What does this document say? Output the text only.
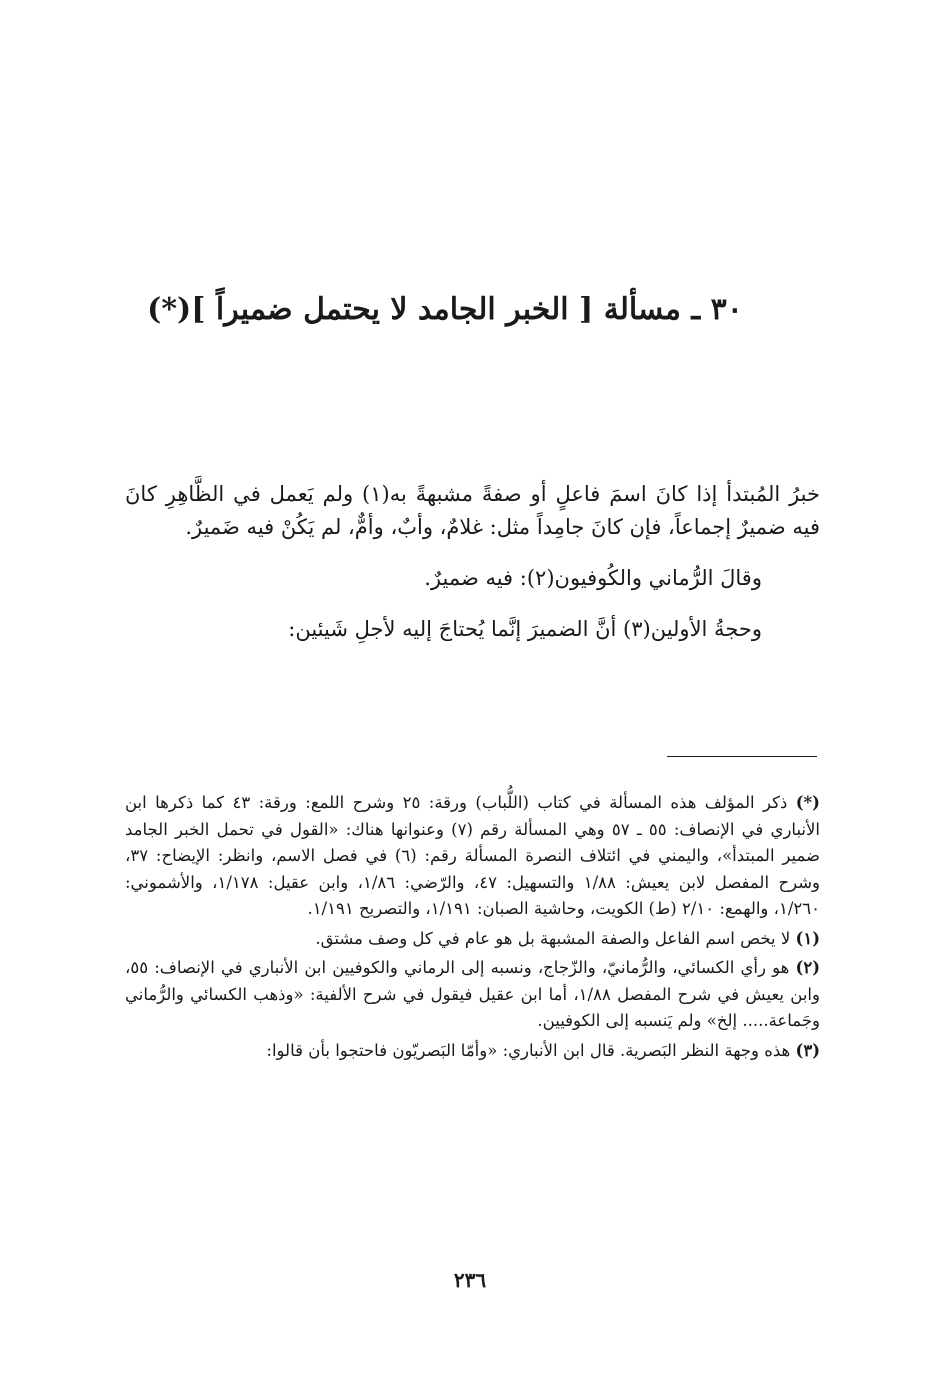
٣٠ ـ مسألة [ الخبر الجامد لا يحتمل ضميراً ](*)

خبرُ المُبتدأ إذا كانَ اسمَ فاعلٍ أو صفةً مشبهةً به(١) ولم يَعمل في الظَّاهِرِ كانَ فيه ضميرٌ إجماعاً، فإن كانَ جامِداً مثل: غلامٌ، وأبٌ، وأمٌّ، لم يَكُنْ فيه ضَميرٌ.

وقالَ الرُّماني والكُوفيون(٢): فيه ضميرٌ.

وحجةُ الأولين(٣) أنَّ الضميرَ إنَّما يُحتاجَ إليه لأجلِ شَيئين:

(*) ذكر المؤلف هذه المسألة في كتاب (اللُّباب) ورقة: ٢٥ وشرح اللمع: ورقة: ٤٣ كما ذكرها ابن الأنباري في الإنصاف: ٥٥ ـ ٥٧ وهي المسألة رقم (٧) وعنوانها هناك: «القول في تحمل الخبر الجامد ضمير المبتدأ»، واليمني في ائتلاف النصرة المسألة رقم: (٦) في فصل الاسم، وانظر: الإيضاح: ٣٧، وشرح المفصل لابن يعيش: ١/٨٨ والتسهيل: ٤٧، والرّضي: ١/٨٦، وابن عقيل: ١/١٧٨، والأشموني: ١/٢٦٠، والهمع: ٢/١٠ (ط) الكويت، وحاشية الصبان: ١/١٩١، والتصريح ١/١٩١.
(١) لا يخص اسم الفاعل والصفة المشبهة بل هو عام في كل وصف مشتق.
(٢) هو رأي الكسائي، والرُّمانيّ، والزّجاج، ونسبه إلى الرماني والكوفيين ابن الأنباري في الإنصاف: ٥٥، وابن يعيش في شرح المفصل ١/٨٨، أما ابن عقيل فيقول في شرح الألفية: «وذهب الكسائي والرُّماني وجَماعة..... إلخ» ولم يَنسبه إلى الكوفيين.
(٣) هذه وجهة النظر البَصرية. قال ابن الأنباري: «وأمّا البَصريّون فاحتجوا بأن قالوا:
٢٣٦
